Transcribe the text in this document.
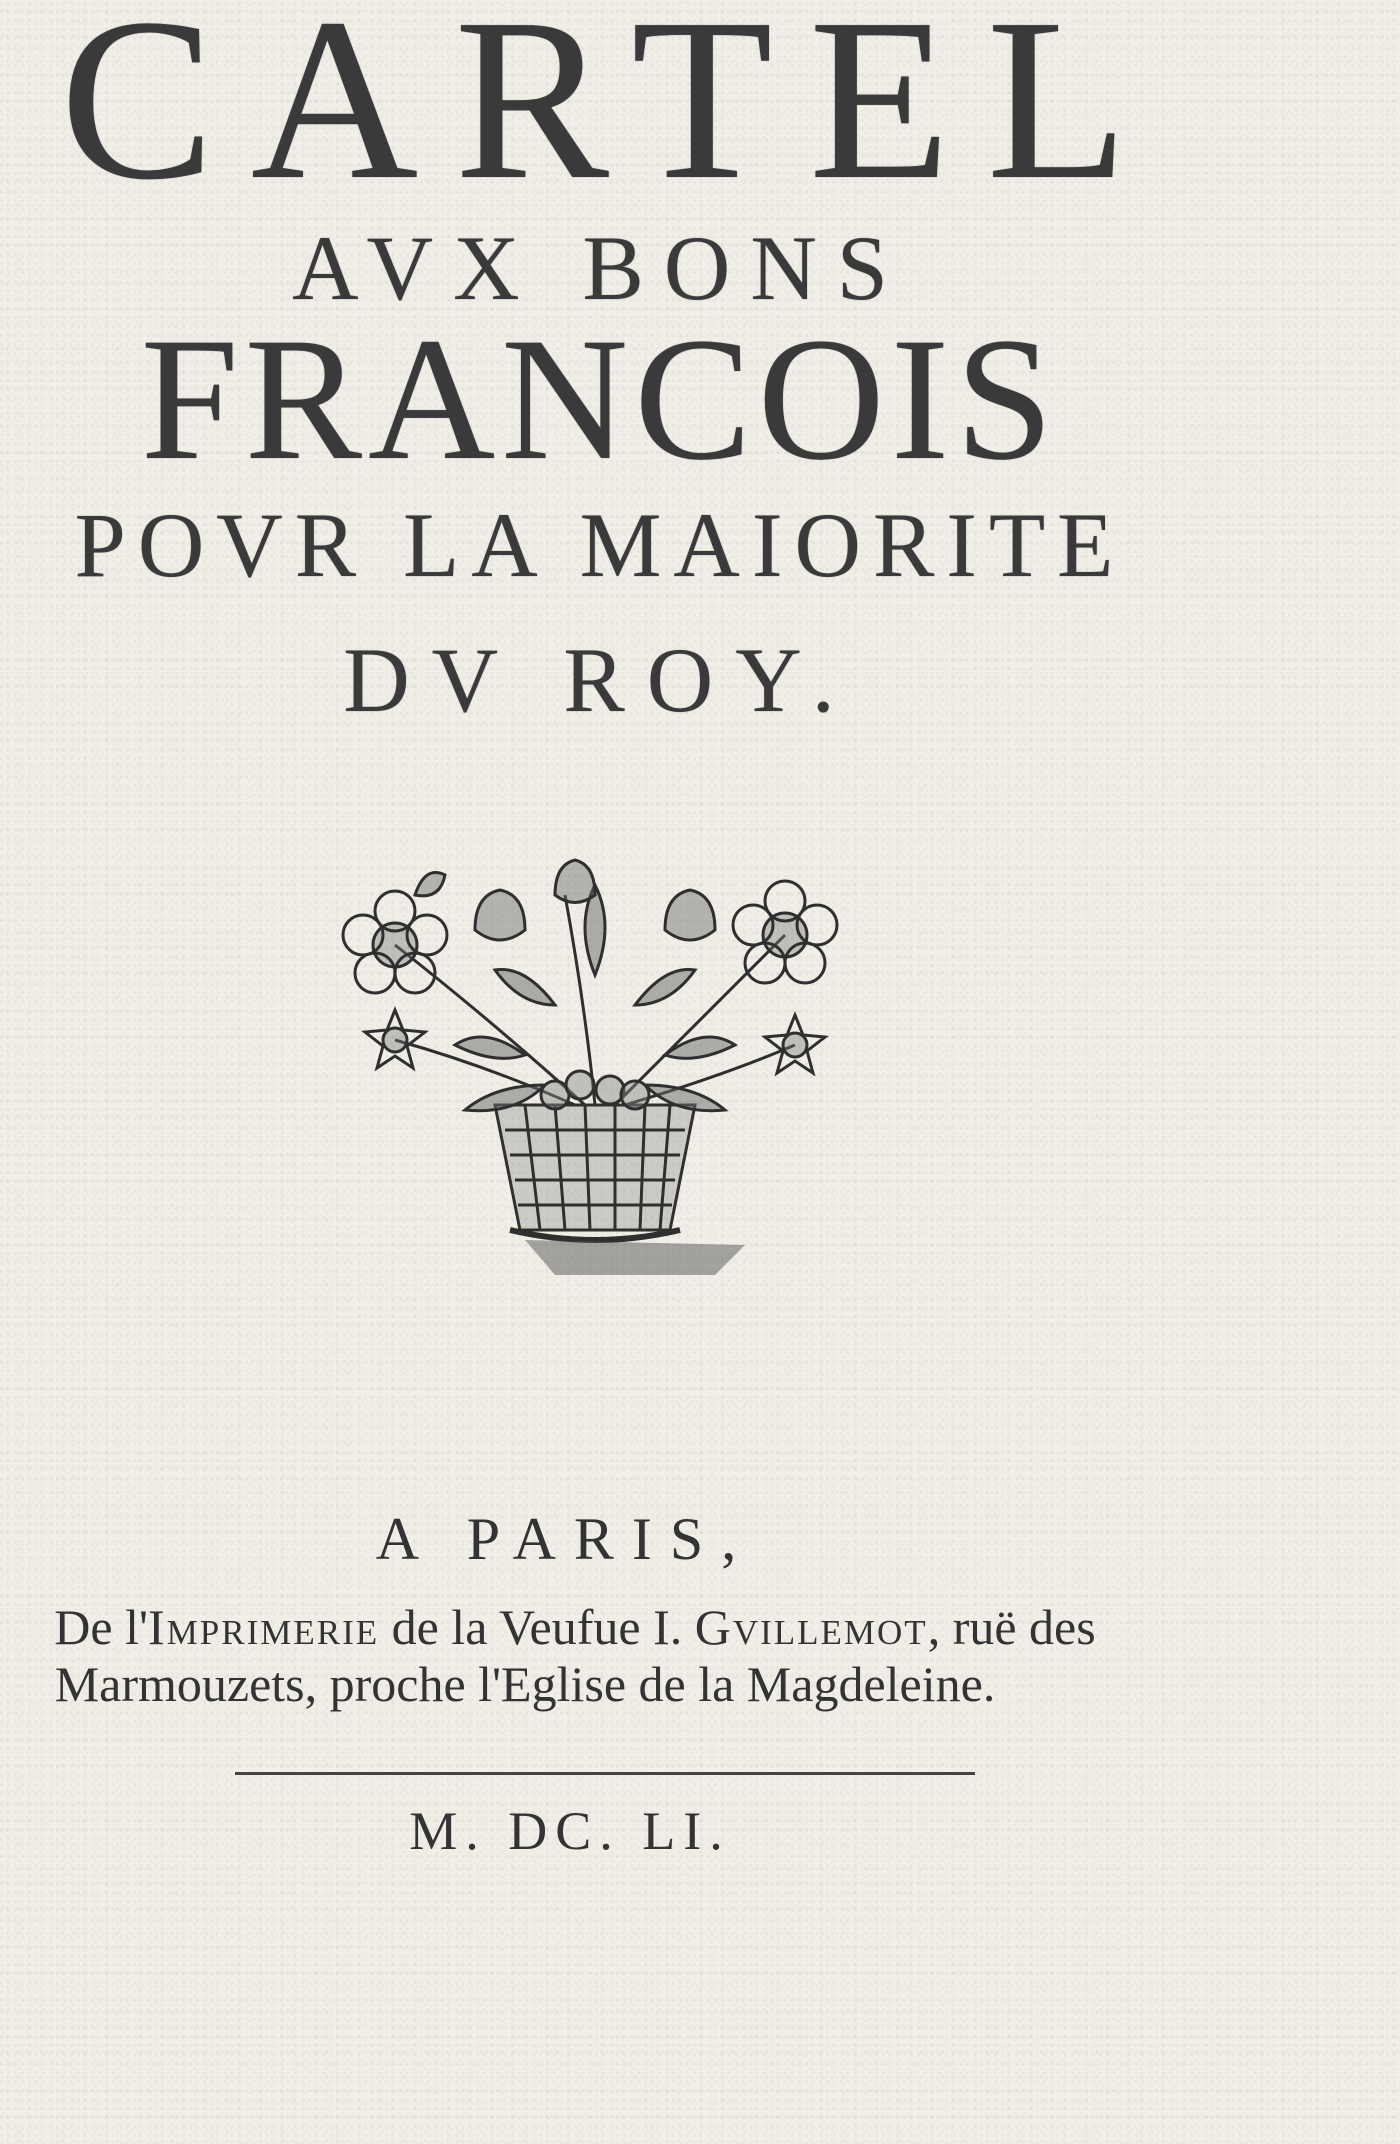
CARTEL
AVX BONS
FRANCOIS
POVR LA MAIORITE
DV ROY.
A PARIS,
De l'Imprimerie de la Veufue I. Gvillemot, ruë des
Marmouzets, proche l'Eglise de la Magdeleine.
M. DC. LI.
